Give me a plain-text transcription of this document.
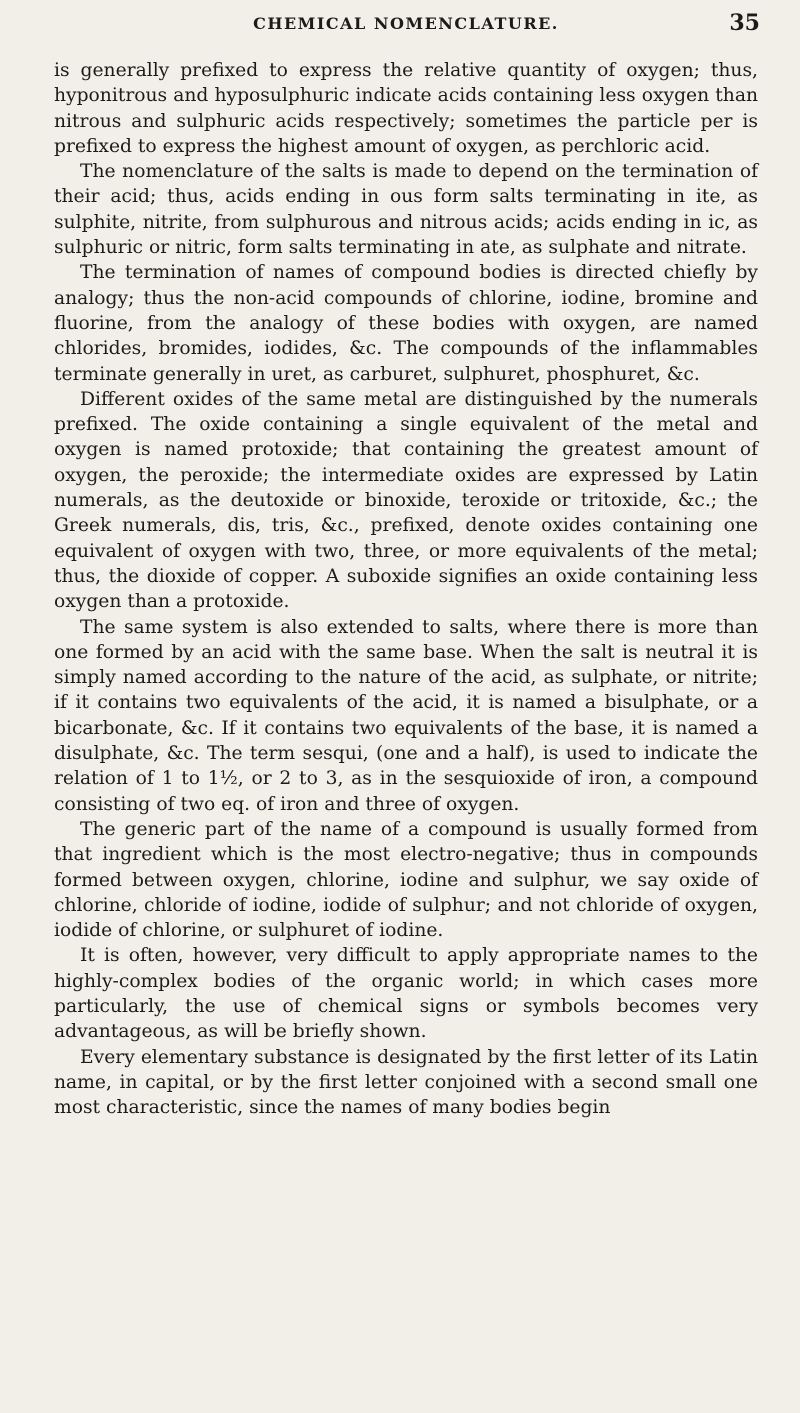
CHEMICAL NOMENCLATURE.	35

is generally prefixed to express the relative quantity of oxygen; thus, hyponitrous and hyposulphuric indicate acids containing less oxygen than nitrous and sulphuric acids respectively; sometimes the particle per is prefixed to express the highest amount of oxygen, as perchloric acid.

The nomenclature of the salts is made to depend on the termination of their acid; thus, acids ending in ous form salts terminating in ite, as sulphite, nitrite, from sulphurous and nitrous acids; acids ending in ic, as sulphuric or nitric, form salts terminating in ate, as sulphate and nitrate.

The termination of names of compound bodies is directed chiefly by analogy; thus the non-acid compounds of chlorine, iodine, bromine and fluorine, from the analogy of these bodies with oxygen, are named chlorides, bromides, iodides, &c. The compounds of the inflammables terminate generally in uret, as carburet, sulphuret, phosphuret, &c.

Different oxides of the same metal are distinguished by the numerals prefixed. The oxide containing a single equivalent of the metal and oxygen is named protoxide; that containing the greatest amount of oxygen, the peroxide; the intermediate oxides are expressed by Latin numerals, as the deutoxide or binoxide, teroxide or tritoxide, &c.; the Greek numerals, dis, tris, &c., prefixed, denote oxides containing one equivalent of oxygen with two, three, or more equivalents of the metal; thus, the dioxide of copper. A suboxide signifies an oxide containing less oxygen than a protoxide.

The same system is also extended to salts, where there is more than one formed by an acid with the same base. When the salt is neutral it is simply named according to the nature of the acid, as sulphate, or nitrite; if it contains two equivalents of the acid, it is named a bisulphate, or a bicarbonate, &c. If it contains two equivalents of the base, it is named a disulphate, &c. The term sesqui, (one and a half), is used to indicate the relation of 1 to 1½, or 2 to 3, as in the sesquioxide of iron, a compound consisting of two eq. of iron and three of oxygen.

The generic part of the name of a compound is usually formed from that ingredient which is the most electro-negative; thus in compounds formed between oxygen, chlorine, iodine and sulphur, we say oxide of chlorine, chloride of iodine, iodide of sulphur; and not chloride of oxygen, iodide of chlorine, or sulphuret of iodine.

It is often, however, very difficult to apply appropriate names to the highly-complex bodies of the organic world; in which cases more particularly, the use of chemical signs or symbols becomes very advantageous, as will be briefly shown.

Every elementary substance is designated by the first letter of its Latin name, in capital, or by the first letter conjoined with a second small one most characteristic, since the names of many bodies begin
